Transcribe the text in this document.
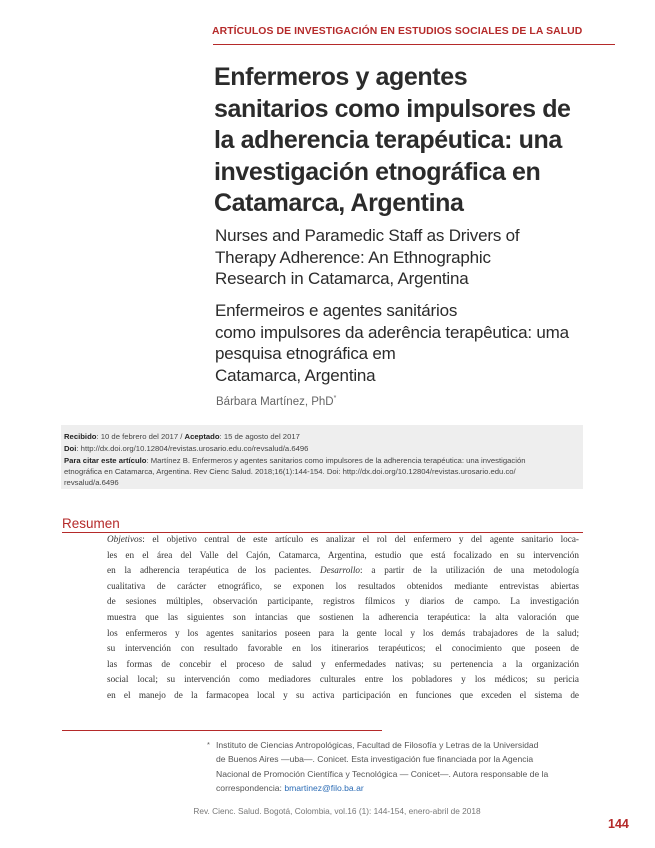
ARTÍCULOS DE INVESTIGACIÓN EN ESTUDIOS SOCIALES DE LA SALUD
Enfermeros y agentes
sanitarios como impulsores de
la adherencia terapéutica: una
investigación etnográfica en
Catamarca, Argentina
Nurses and Paramedic Staff as Drivers of
Therapy Adherence: An Ethnographic
Research in Catamarca, Argentina
Enfermeiros e agentes sanitários
como impulsores da aderência terapêutica: uma
pesquisa etnográfica em
Catamarca, Argentina
Bárbara Martínez, PhD*
Recibido: 10 de febrero del 2017 / Aceptado: 15 de agosto del 2017
Doi: http://dx.doi.org/10.12804/revistas.urosario.edu.co/revsalud/a.6496
Para citar este artículo: Martínez B. Enfermeros y agentes sanitarios como impulsores de la adherencia terapéutica: una investigación
etnográfica en Catamarca, Argentina. Rev Cienc Salud. 2018;16(1):144-154. Doi: http://dx.doi.org/10.12804/revistas.urosario.edu.co/
revsalud/a.6496
Resumen
Objetivos: el objetivo central de este artículo es analizar el rol del enfermero y del agente sanitario loca-
les en el área del Valle del Cajón, Catamarca, Argentina, estudio que está focalizado en su intervención
en la adherencia terapéutica de los pacientes. Desarrollo: a partir de la utilización de una metodología
cualitativa de carácter etnográfico, se exponen los resultados obtenidos mediante entrevistas abiertas
de sesiones múltiples, observación participante, registros fílmicos y diarios de campo. La investigación
muestra que las siguientes son intancias que sostienen la adherencia terapéutica: la alta valoración que
los enfermeros y los agentes sanitarios poseen para la gente local y los demás trabajadores de la salud;
su intervención con resultado favorable en los itinerarios terapéuticos; el conocimiento que poseen de
las formas de concebir el proceso de salud y enfermedades nativas; su pertenencia a la organización
social local; su intervención como mediadores culturales entre los pobladores y los médicos; su pericia
en el manejo de la farmacopea local y su activa participación en funciones que exceden el sistema de
* Instituto de Ciencias Antropológicas, Facultad de Filosofía y Letras de la Universidad
de Buenos Aires —uba—. Conicet. Esta investigación fue financiada por la Agencia
Nacional de Promoción Científica y Tecnológica — Conicet—. Autora responsable de la
correspondencia: bmartinez@filo.ba.ar
Rev. Cienc. Salud. Bogotá, Colombia, vol.16 (1): 144-154, enero-abril de 2018
144
